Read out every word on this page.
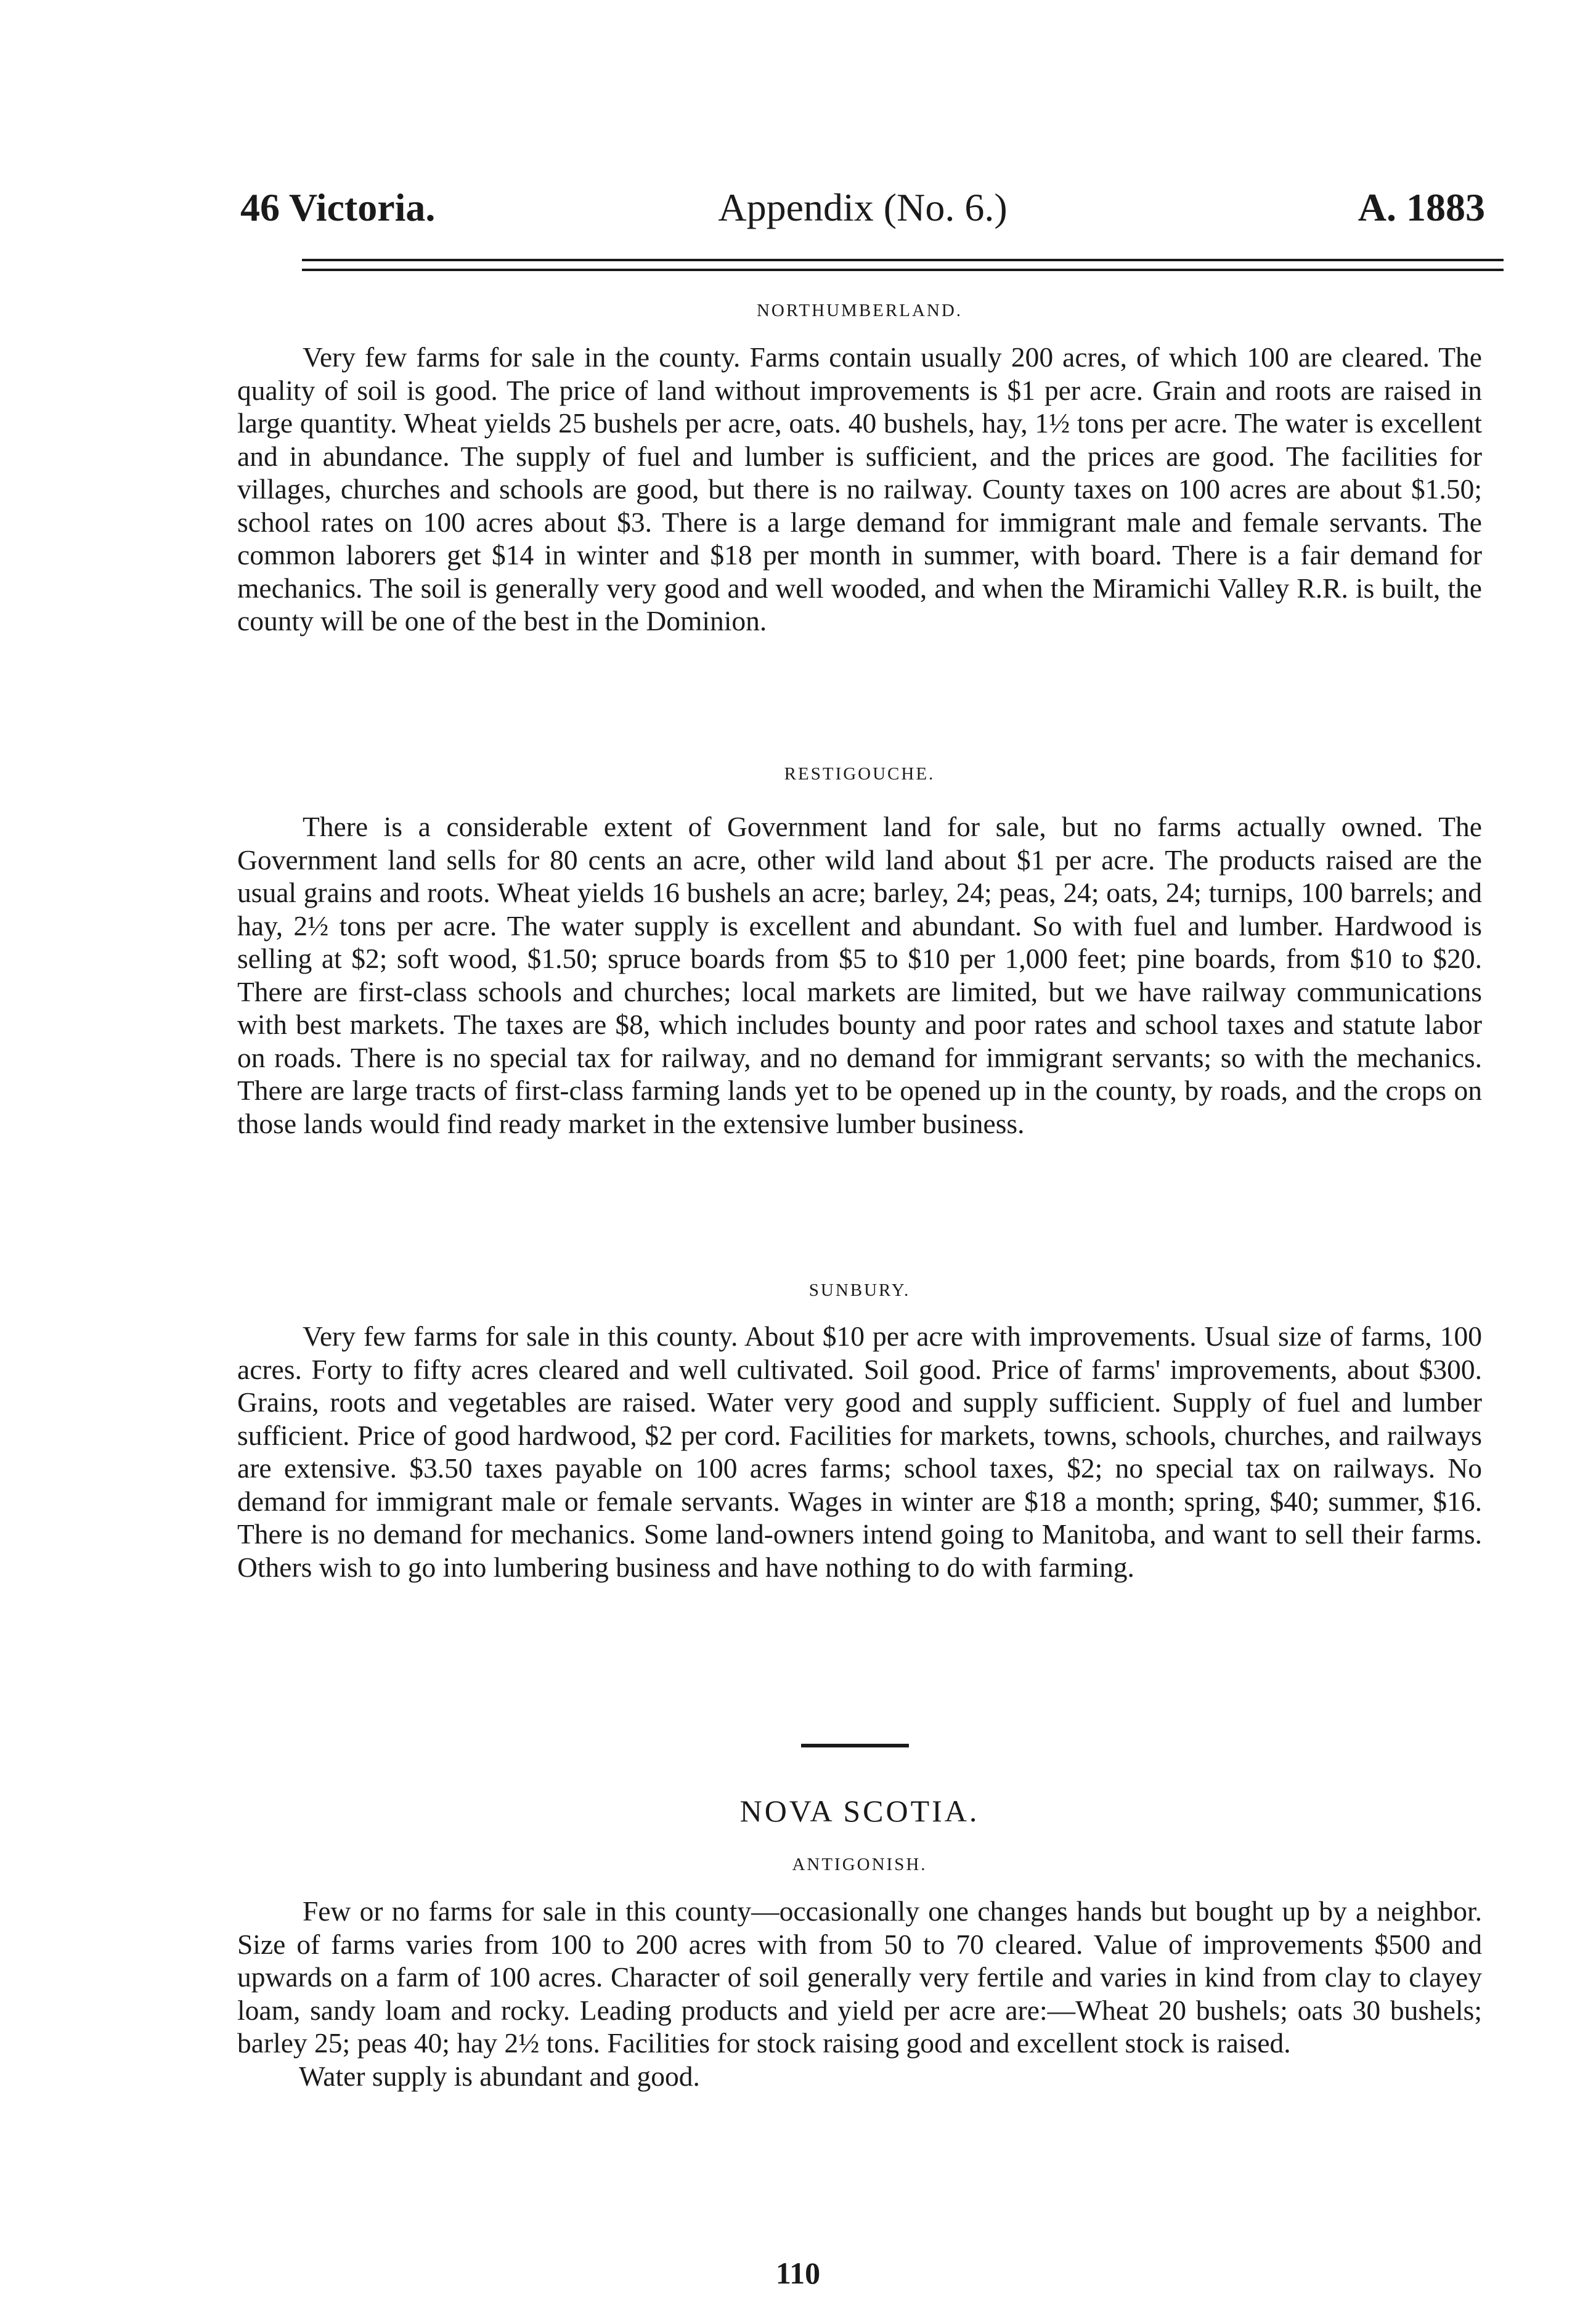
46 Victoria.	Appendix (No. 6.)	A. 1883
NORTHUMBERLAND.

Very few farms for sale in the county. Farms contain usually 200 acres, of which 100 are cleared. The quality of soil is good. The price of land without improvements is $1 per acre. Grain and roots are raised in large quantity. Wheat yields 25 bushels per acre, oats. 40 bushels, hay, 1½ tons per acre. The water is excellent and in abundance. The supply of fuel and lumber is sufficient, and the prices are good. The facilities for villages, churches and schools are good, but there is no railway. County taxes on 100 acres are about $1.50; school rates on 100 acres about $3. There is a large demand for immigrant male and female servants. The common laborers get $14 in winter and $18 per month in summer, with board. There is a fair demand for mechanics. The soil is generally very good and well wooded, and when the Miramichi Valley R.R. is built, the county will be one of the best in the Dominion.

RESTIGOUCHE.

There is a considerable extent of Government land for sale, but no farms actually owned. The Government land sells for 80 cents an acre, other wild land about $1 per acre. The products raised are the usual grains and roots. Wheat yields 16 bushels an acre; barley, 24; peas, 24; oats, 24; turnips, 100 barrels; and hay, 2½ tons per acre. The water supply is excellent and abundant. So with fuel and lumber. Hardwood is selling at $2; soft wood, $1.50; spruce boards from $5 to $10 per 1,000 feet; pine boards, from $10 to $20. There are first-class schools and churches; local markets are limited, but we have railway communications with best markets. The taxes are $8, which includes bounty and poor rates and school taxes and statute labor on roads. There is no special tax for railway, and no demand for immigrant servants; so with the mechanics. There are large tracts of first-class farming lands yet to be opened up in the county, by roads, and the crops on those lands would find ready market in the extensive lumber business.

SUNBURY.

Very few farms for sale in this county. About $10 per acre with improvements. Usual size of farms, 100 acres. Forty to fifty acres cleared and well cultivated. Soil good. Price of farms' improvements, about $300. Grains, roots and vegetables are raised. Water very good and supply sufficient. Supply of fuel and lumber sufficient. Price of good hardwood, $2 per cord. Facilities for markets, towns, schools, churches, and railways are extensive. $3.50 taxes payable on 100 acres farms; school taxes, $2; no special tax on railways. No demand for immigrant male or female servants. Wages in winter are $18 a month; spring, $40; summer, $16. There is no demand for mechanics. Some land-owners intend going to Manitoba, and want to sell their farms. Others wish to go into lumbering business and have nothing to do with farming.

NOVA SCOTIA.
ANTIGONISH.

Few or no farms for sale in this county—occasionally one changes hands but bought up by a neighbor. Size of farms varies from 100 to 200 acres with from 50 to 70 cleared. Value of improvements $500 and upwards on a farm of 100 acres. Character of soil generally very fertile and varies in kind from clay to clayey loam, sandy loam and rocky. Leading products and yield per acre are:—Wheat 20 bushels; oats 30 bushels; barley 25; peas 40; hay 2½ tons. Facilities for stock raising good and excellent stock is raised.

Water supply is abundant and good.

110
